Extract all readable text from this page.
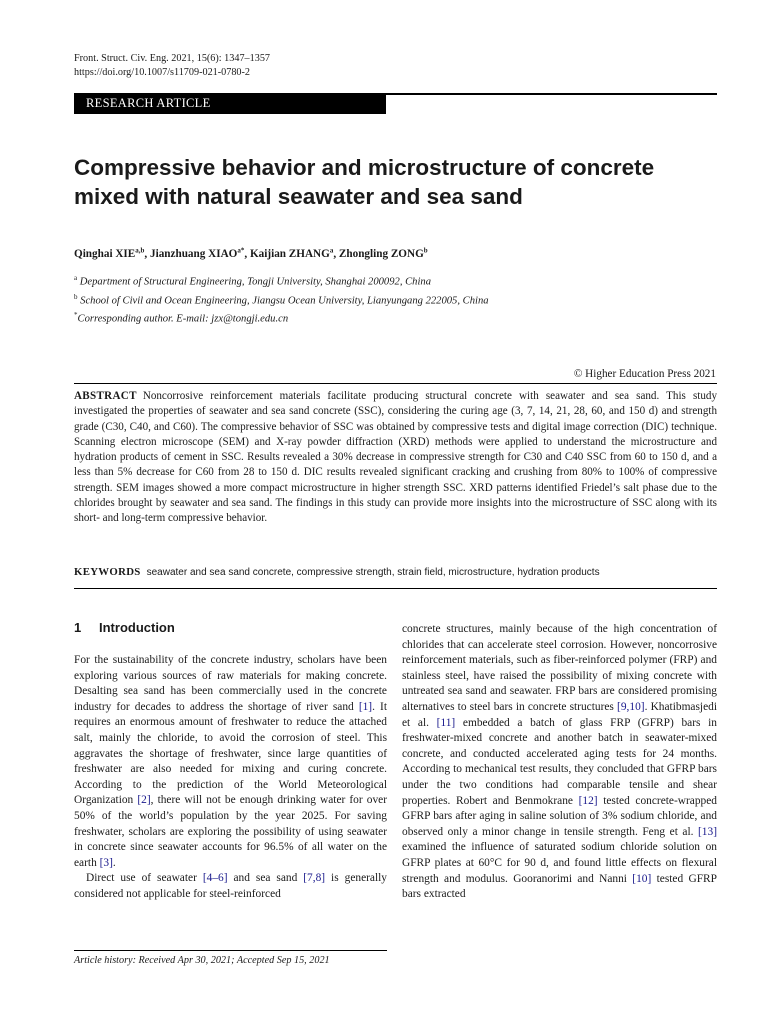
Front. Struct. Civ. Eng. 2021, 15(6): 1347–1357
https://doi.org/10.1007/s11709-021-0780-2
RESEARCH ARTICLE
Compressive behavior and microstructure of concrete mixed with natural seawater and sea sand
Qinghai XIE$^{a,b}$, Jianzhuang $XIAO^{a*}$, Kaijian ZHANG$^a$, Zhongling ZONG$^b$
$^a$ Department of Structural Engineering, Tongji University, Shanghai 200092, China
$^b$ School of Civil and Ocean Engineering, Jiangsu Ocean University, Lianyungang 222005, China
*Corresponding author. E-mail: jzx@tongji.edu.cn
© Higher Education Press 2021

ABSTRACT Noncorrosive reinforcement materials facilitate producing structural concrete with seawater and sea sand. This study investigated the properties of seawater and sea sand concrete (SSC), considering the curing age (3, 7, 14, 21, 28, 60, and 150 d) and strength grade (C30, C40, and C60). The compressive behavior of SSC was obtained by compressive tests and digital image correction (DIC) technique. Scanning electron microscope (SEM) and X-ray powder diffraction (XRD) methods were applied to understand the microstructure and hydration products of cement in SSC. Results revealed a 30% decrease in compressive strength for C30 and C40 SSC from 60 to 150 d, and a less than 5% decrease for C60 from 28 to 150 d. DIC results revealed significant cracking and crushing from 80% to 100% of compressive strength. SEM images showed a more compact microstructure in higher strength SSC. XRD patterns identified Friedel’s salt phase due to the chlorides brought by seawater and sea sand. The findings in this study can provide more insights into the microstructure of SSC along with its short- and long-term compressive behavior.

KEYWORDS seawater and sea sand concrete, compressive strength, strain field, microstructure, hydration products
1 Introduction

For the sustainability of the concrete industry, scholars have been exploring various sources of raw materials for making concrete. Desalting sea sand has been commercially used in the concrete industry for decades to address the shortage of river sand [1]. It requires an enormous amount of freshwater to reduce the attached salt, mainly the chloride, to avoid the corrosion of steel. This aggravates the shortage of freshwater, since large quantities of freshwater are also needed for mixing and curing concrete. According to the prediction of the World Meteorological Organization [2], there will not be enough drinking water for over 50% of the world’s population by the year 2025. For saving freshwater, scholars are exploring the possibility of using seawater in concrete since seawater accounts for 96.5% of all water on the earth [3].

Direct use of seawater [4–6] and sea sand [7,8] is generally considered not applicable for steel-reinforced

concrete structures, mainly because of the high concentration of chlorides that can accelerate steel corrosion. However, noncorrosive reinforcement materials, such as fiber-reinforced polymer (FRP) and stainless steel, have raised the possibility of mixing concrete with untreated sea sand and seawater. FRP bars are considered promising alternatives to steel bars in concrete structures [9,10]. Khatibmasjedi et al. [11] embedded a batch of glass FRP (GFRP) bars in freshwater-mixed concrete and another batch in seawater-mixed concrete, and conducted accelerated aging tests for 24 months. According to mechanical test results, they concluded that GFRP bars under the two conditions had comparable tensile and shear properties. Robert and Benmokrane [12] tested concrete-wrapped GFRP bars after aging in saline solution of 3% sodium chloride, and observed only a minor change in tensile strength. Feng et al. [13] examined the influence of saturated sodium chloride solution on GFRP plates at 60°C for 90 d, and found little effects on flexural strength and modulus. Gooranorimi and Nanni [10] tested GFRP bars extracted

Article history: Received Apr 30, 2021; Accepted Sep 15, 2021
